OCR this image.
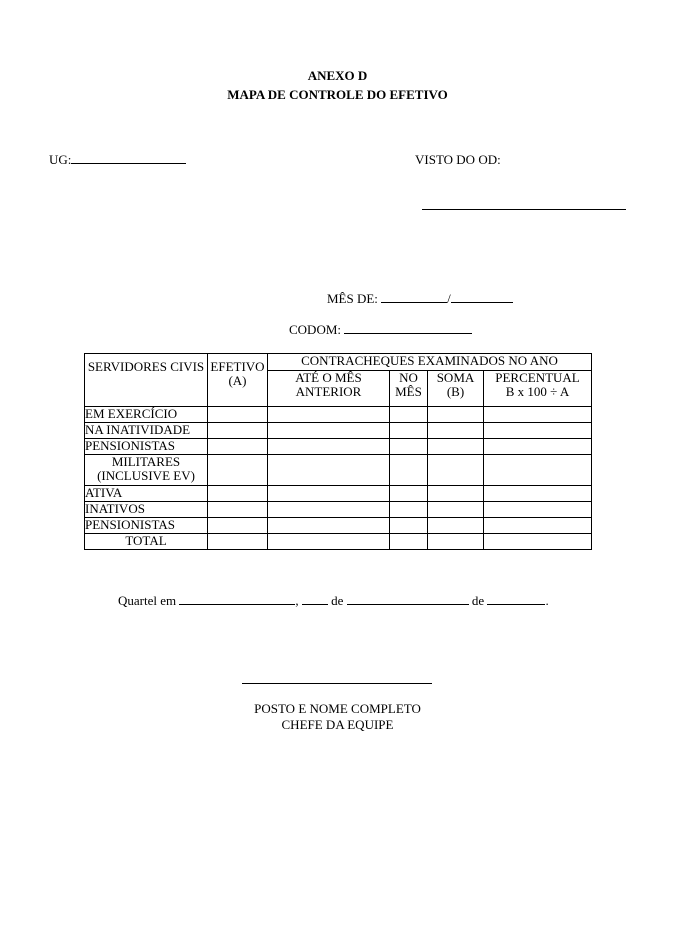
ANEXO D
MAPA DE CONTROLE DO EFETIVO
UG:	VISTO DO OD:
MÊS DE:	/
CODOM:
SERVIDORES CIVIS	EFETIVO (A)	CONTRACHEQUES EXAMINADOS NO ANO			
		ATÉ O MÊS ANTERIOR	NO MÊS	SOMA (B)	PERCENTUAL
B x 100 ÷ A

EM EXERCÍCIO					
NA INATIVIDADE					
PENSIONISTAS					
MILITARES (INCLUSIVE EV)					
ATIVA					
INATIVOS					
PENSIONISTAS					
TOTAL					
Quartel em	,	de	de	.
POSTO E NOME COMPLETO
CHEFE DA EQUIPE
